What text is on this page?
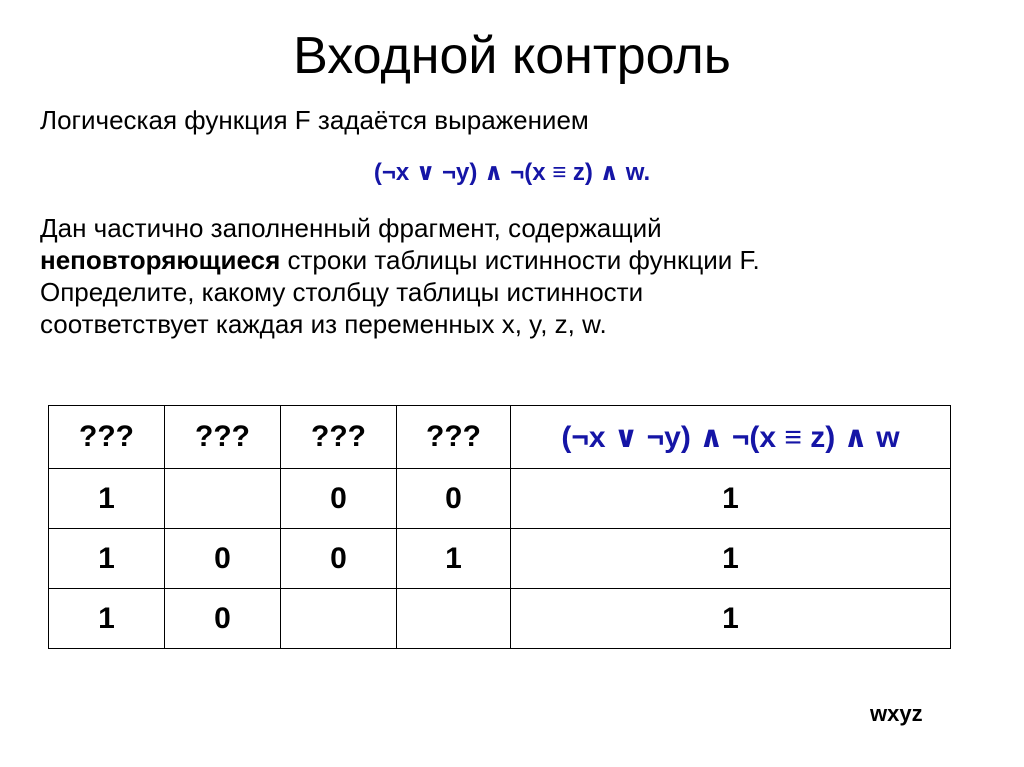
Входной контроль
Логическая функция F задаётся выражением
(¬x ∨ ¬y) ∧ ¬(x ≡ z) ∧ w.
Дан частично заполненный фрагмент, содержащий
неповторяющиеся строки таблицы истинности функции F.
Определите, какому столбцу таблицы истинности
соответствует каждая из переменных x, y, z, w.
???	???	???	???	(¬x ∨ ¬y) ∧ ¬(x ≡ z) ∧ w
1		0	0	1
1	0	0	1	1
1	0			1
wxyz
